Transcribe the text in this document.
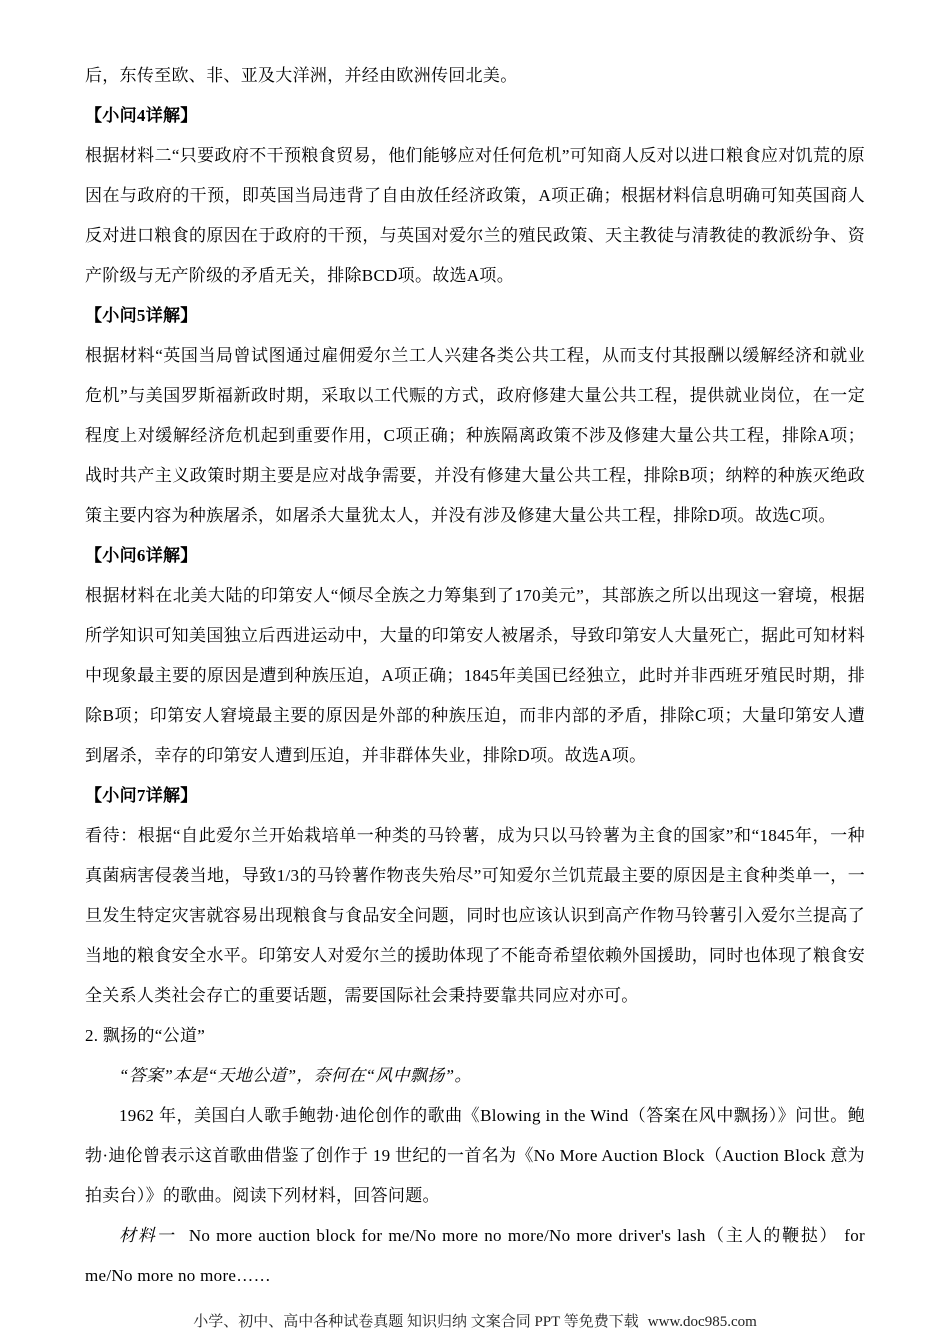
后，东传至欧、非、亚及大洋洲，并经由欧洲传回北美。

【小问4详解】

根据材料二“只要政府不干预粮食贸易，他们能够应对任何危机”可知商人反对以进口粮食应对饥荒的原因在与政府的干预，即英国当局违背了自由放任经济政策，A项正确；根据材料信息明确可知英国商人反对进口粮食的原因在于政府的干预，与英国对爱尔兰的殖民政策、天主教徒与清教徒的教派纷争、资产阶级与无产阶级的矛盾无关，排除BCD项。故选A项。

【小问5详解】

根据材料“英国当局曾试图通过雇佣爱尔兰工人兴建各类公共工程，从而支付其报酬以缓解经济和就业危机”与美国罗斯福新政时期，采取以工代赈的方式，政府修建大量公共工程，提供就业岗位，在一定程度上对缓解经济危机起到重要作用，C项正确；种族隔离政策不涉及修建大量公共工程，排除A项；战时共产主义政策时期主要是应对战争需要，并没有修建大量公共工程，排除B项；纳粹的种族灭绝政策主要内容为种族屠杀，如屠杀大量犹太人，并没有涉及修建大量公共工程，排除D项。故选C项。

【小问6详解】

根据材料在北美大陆的印第安人“倾尽全族之力筹集到了170美元”，其部族之所以出现这一窘境，根据所学知识可知美国独立后西进运动中，大量的印第安人被屠杀，导致印第安人大量死亡，据此可知材料中现象最主要的原因是遭到种族压迫，A项正确；1845年美国已经独立，此时并非西班牙殖民时期，排除B项；印第安人窘境最主要的原因是外部的种族压迫，而非内部的矛盾，排除C项；大量印第安人遭到屠杀，幸存的印第安人遭到压迫，并非群体失业，排除D项。故选A项。

【小问7详解】

看待：根据“自此爱尔兰开始栽培单一种类的马铃薯，成为只以马铃薯为主食的国家”和“1845年，一种真菌病害侵袭当地，导致1/3的马铃薯作物丧失殆尽”可知爱尔兰饥荒最主要的原因是主食种类单一，一旦发生特定灾害就容易出现粮食与食品安全问题，同时也应该认识到高产作物马铃薯引入爱尔兰提高了当地的粮食安全水平。印第安人对爱尔兰的援助体现了不能奇希望依赖外国援助，同时也体现了粮食安全关系人类社会存亡的重要话题，需要国际社会秉持要靠共同应对亦可。

2. 飘扬的“公道”

“答案”本是“天地公道”，奈何在“风中飘扬”。

1962 年，美国白人歌手鲍勃·迪伦创作的歌曲《Blowing in the Wind（答案在风中飘扬）》问世。鲍勃·迪伦曾表示这首歌曲借鉴了创作于 19 世纪的一首名为《No More Auction Block（Auction Block 意为拍卖台）》的歌曲。阅读下列材料，回答问题。

材料一 No more auction block for me/No more no more/No more driver's lash（主人的鞭挞） for me/No more no more……

小学、初中、高中各种试卷真题 知识归纳 文案合同 PPT 等免费下载 www.doc985.com
